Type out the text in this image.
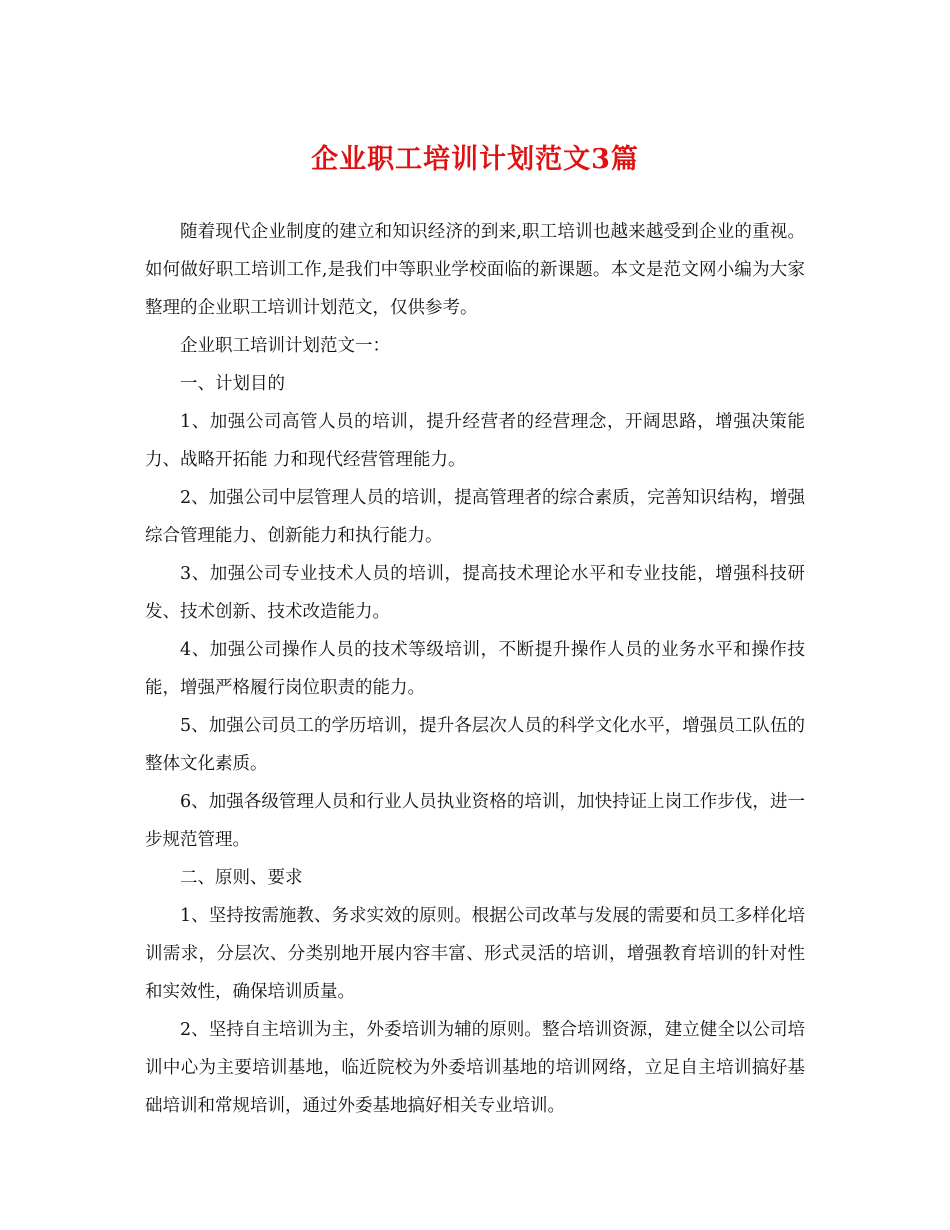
企业职工培训计划范文3篇

随着现代企业制度的建立和知识经济的到来,职工培训也越来越受到企业的重视。如何做好职工培训工作,是我们中等职业学校面临的新课题。本文是范文网小编为大家整理的企业职工培训计划范文，仅供参考。

企业职工培训计划范文一：

一、计划目的

1、加强公司高管人员的培训，提升经营者的经营理念，开阔思路，增强决策能力、战略开拓能 力和现代经营管理能力。

2、加强公司中层管理人员的培训，提高管理者的综合素质，完善知识结构，增强综合管理能力、创新能力和执行能力。

3、加强公司专业技术人员的培训，提高技术理论水平和专业技能，增强科技研发、技术创新、技术改造能力。

4、加强公司操作人员的技术等级培训，不断提升操作人员的业务水平和操作技能，增强严格履行岗位职责的能力。

5、加强公司员工的学历培训，提升各层次人员的科学文化水平，增强员工队伍的整体文化素质。

6、加强各级管理人员和行业人员执业资格的培训，加快持证上岗工作步伐，进一步规范管理。

二、原则、要求

1、坚持按需施教、务求实效的原则。根据公司改革与发展的需要和员工多样化培训需求，分层次、分类别地开展内容丰富、形式灵活的培训，增强教育培训的针对性和实效性，确保培训质量。

2、坚持自主培训为主，外委培训为辅的原则。整合培训资源，建立健全以公司培训中心为主要培训基地，临近院校为外委培训基地的培训网络，立足自主培训搞好基础培训和常规培训，通过外委基地搞好相关专业培训。
